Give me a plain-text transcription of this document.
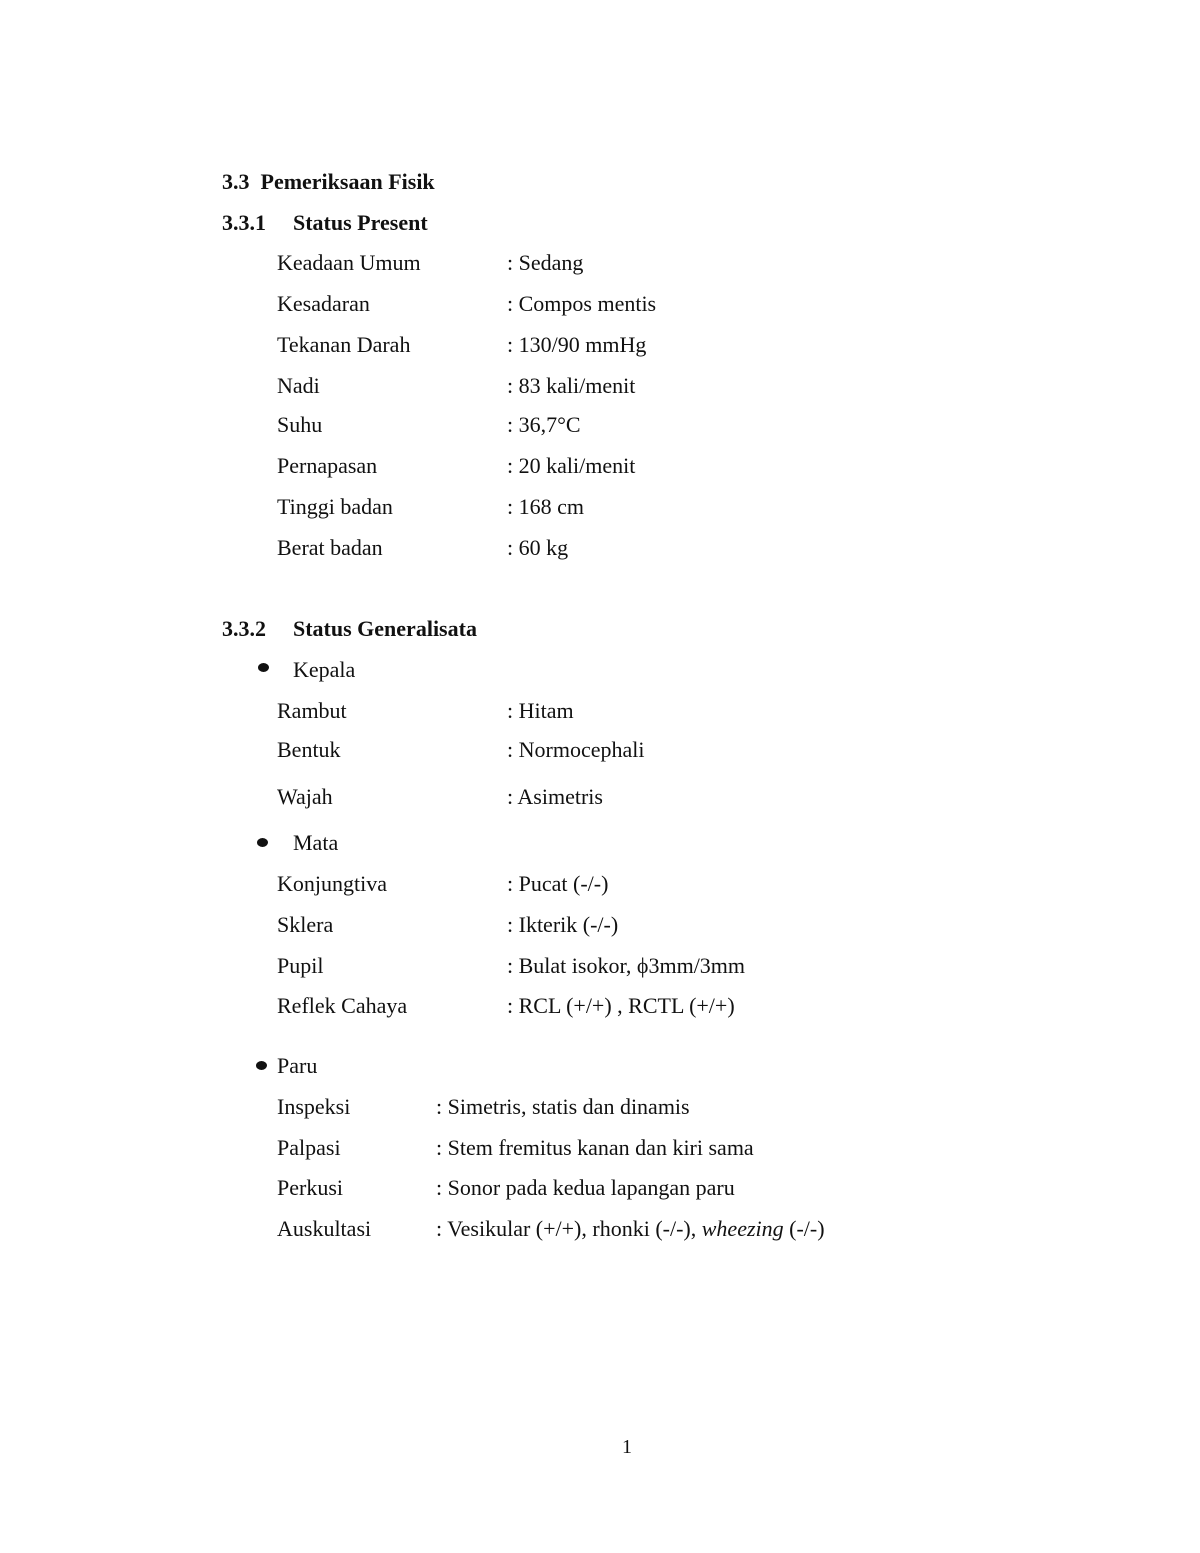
3.3 Pemeriksaan Fisik
3.3.1 Status Present
Keadaan Umum	: Sedang
Kesadaran	: Compos mentis
Tekanan Darah	: 130/90 mmHg
Nadi	: 83 kali/menit
Suhu	: 36,7°C
Pernapasan	: 20 kali/menit
Tinggi badan	: 168 cm
Berat badan	: 60 kg
3.3.2 Status Generalisata
Kepala
Rambut	: Hitam
Bentuk	: Normocephali
Wajah	: Asimetris
Mata
Konjungtiva	: Pucat (-/-)
Sklera	: Ikterik (-/-)
Pupil	: Bulat isokor, ϕ3mm/3mm
Reflek Cahaya	: RCL (+/+) , RCTL (+/+)
Paru
Inspeksi	: Simetris, statis dan dinamis
Palpasi	: Stem fremitus kanan dan kiri sama
Perkusi	: Sonor pada kedua lapangan paru
Auskultasi	: Vesikular (+/+), rhonki (-/-), wheezing (-/-)
1
